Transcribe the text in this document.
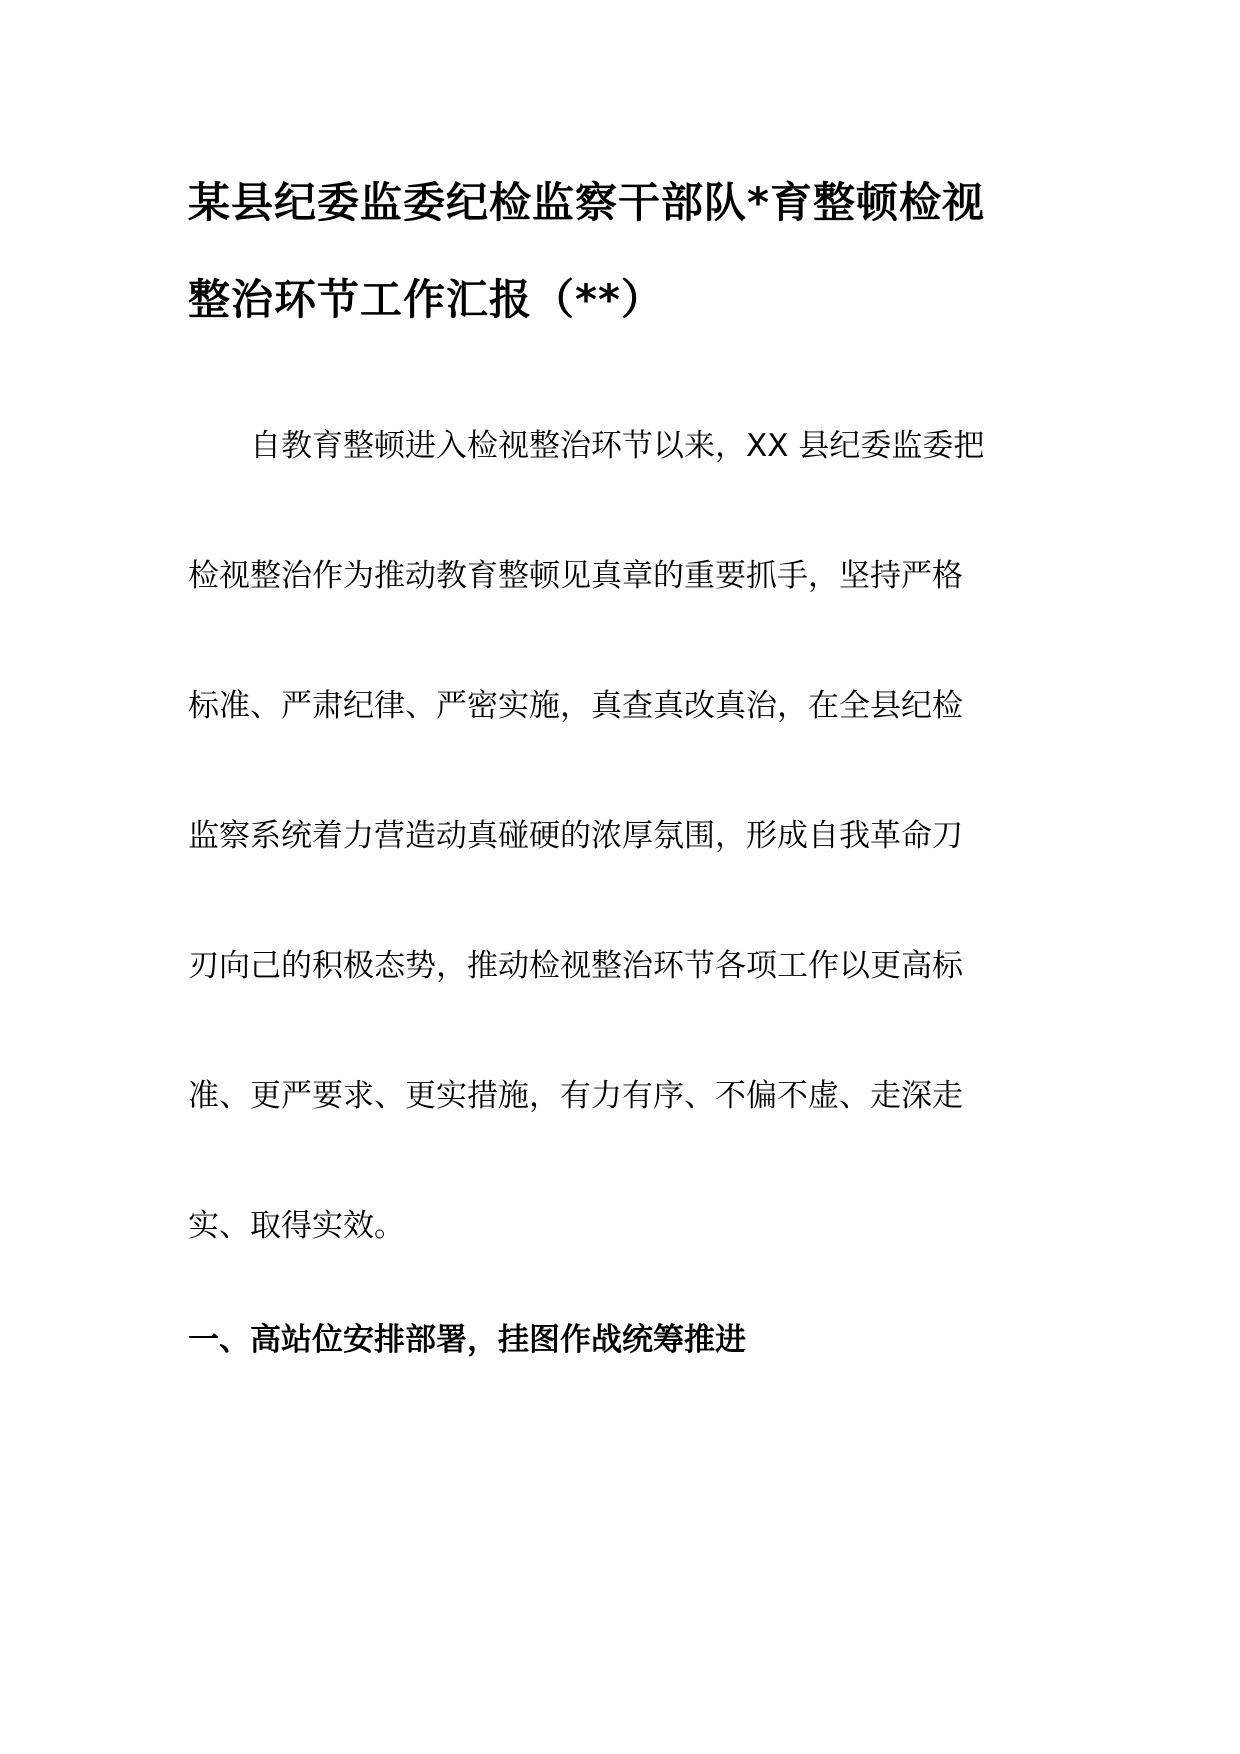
某县纪委监委纪检监察干部队*育整顿检视
整治环节工作汇报（**）
　　自教育整顿进入检视整治环节以来，XX 县纪委监委把
检视整治作为推动教育整顿见真章的重要抓手，坚持严格
标准、严肃纪律、严密实施，真查真改真治，在全县纪检
监察系统着力营造动真碰硬的浓厚氛围，形成自我革命刀
刃向己的积极态势，推动检视整治环节各项工作以更高标
准、更严要求、更实措施，有力有序、不偏不虚、走深走
实、取得实效。
一、高站位安排部署，挂图作战统筹推进
